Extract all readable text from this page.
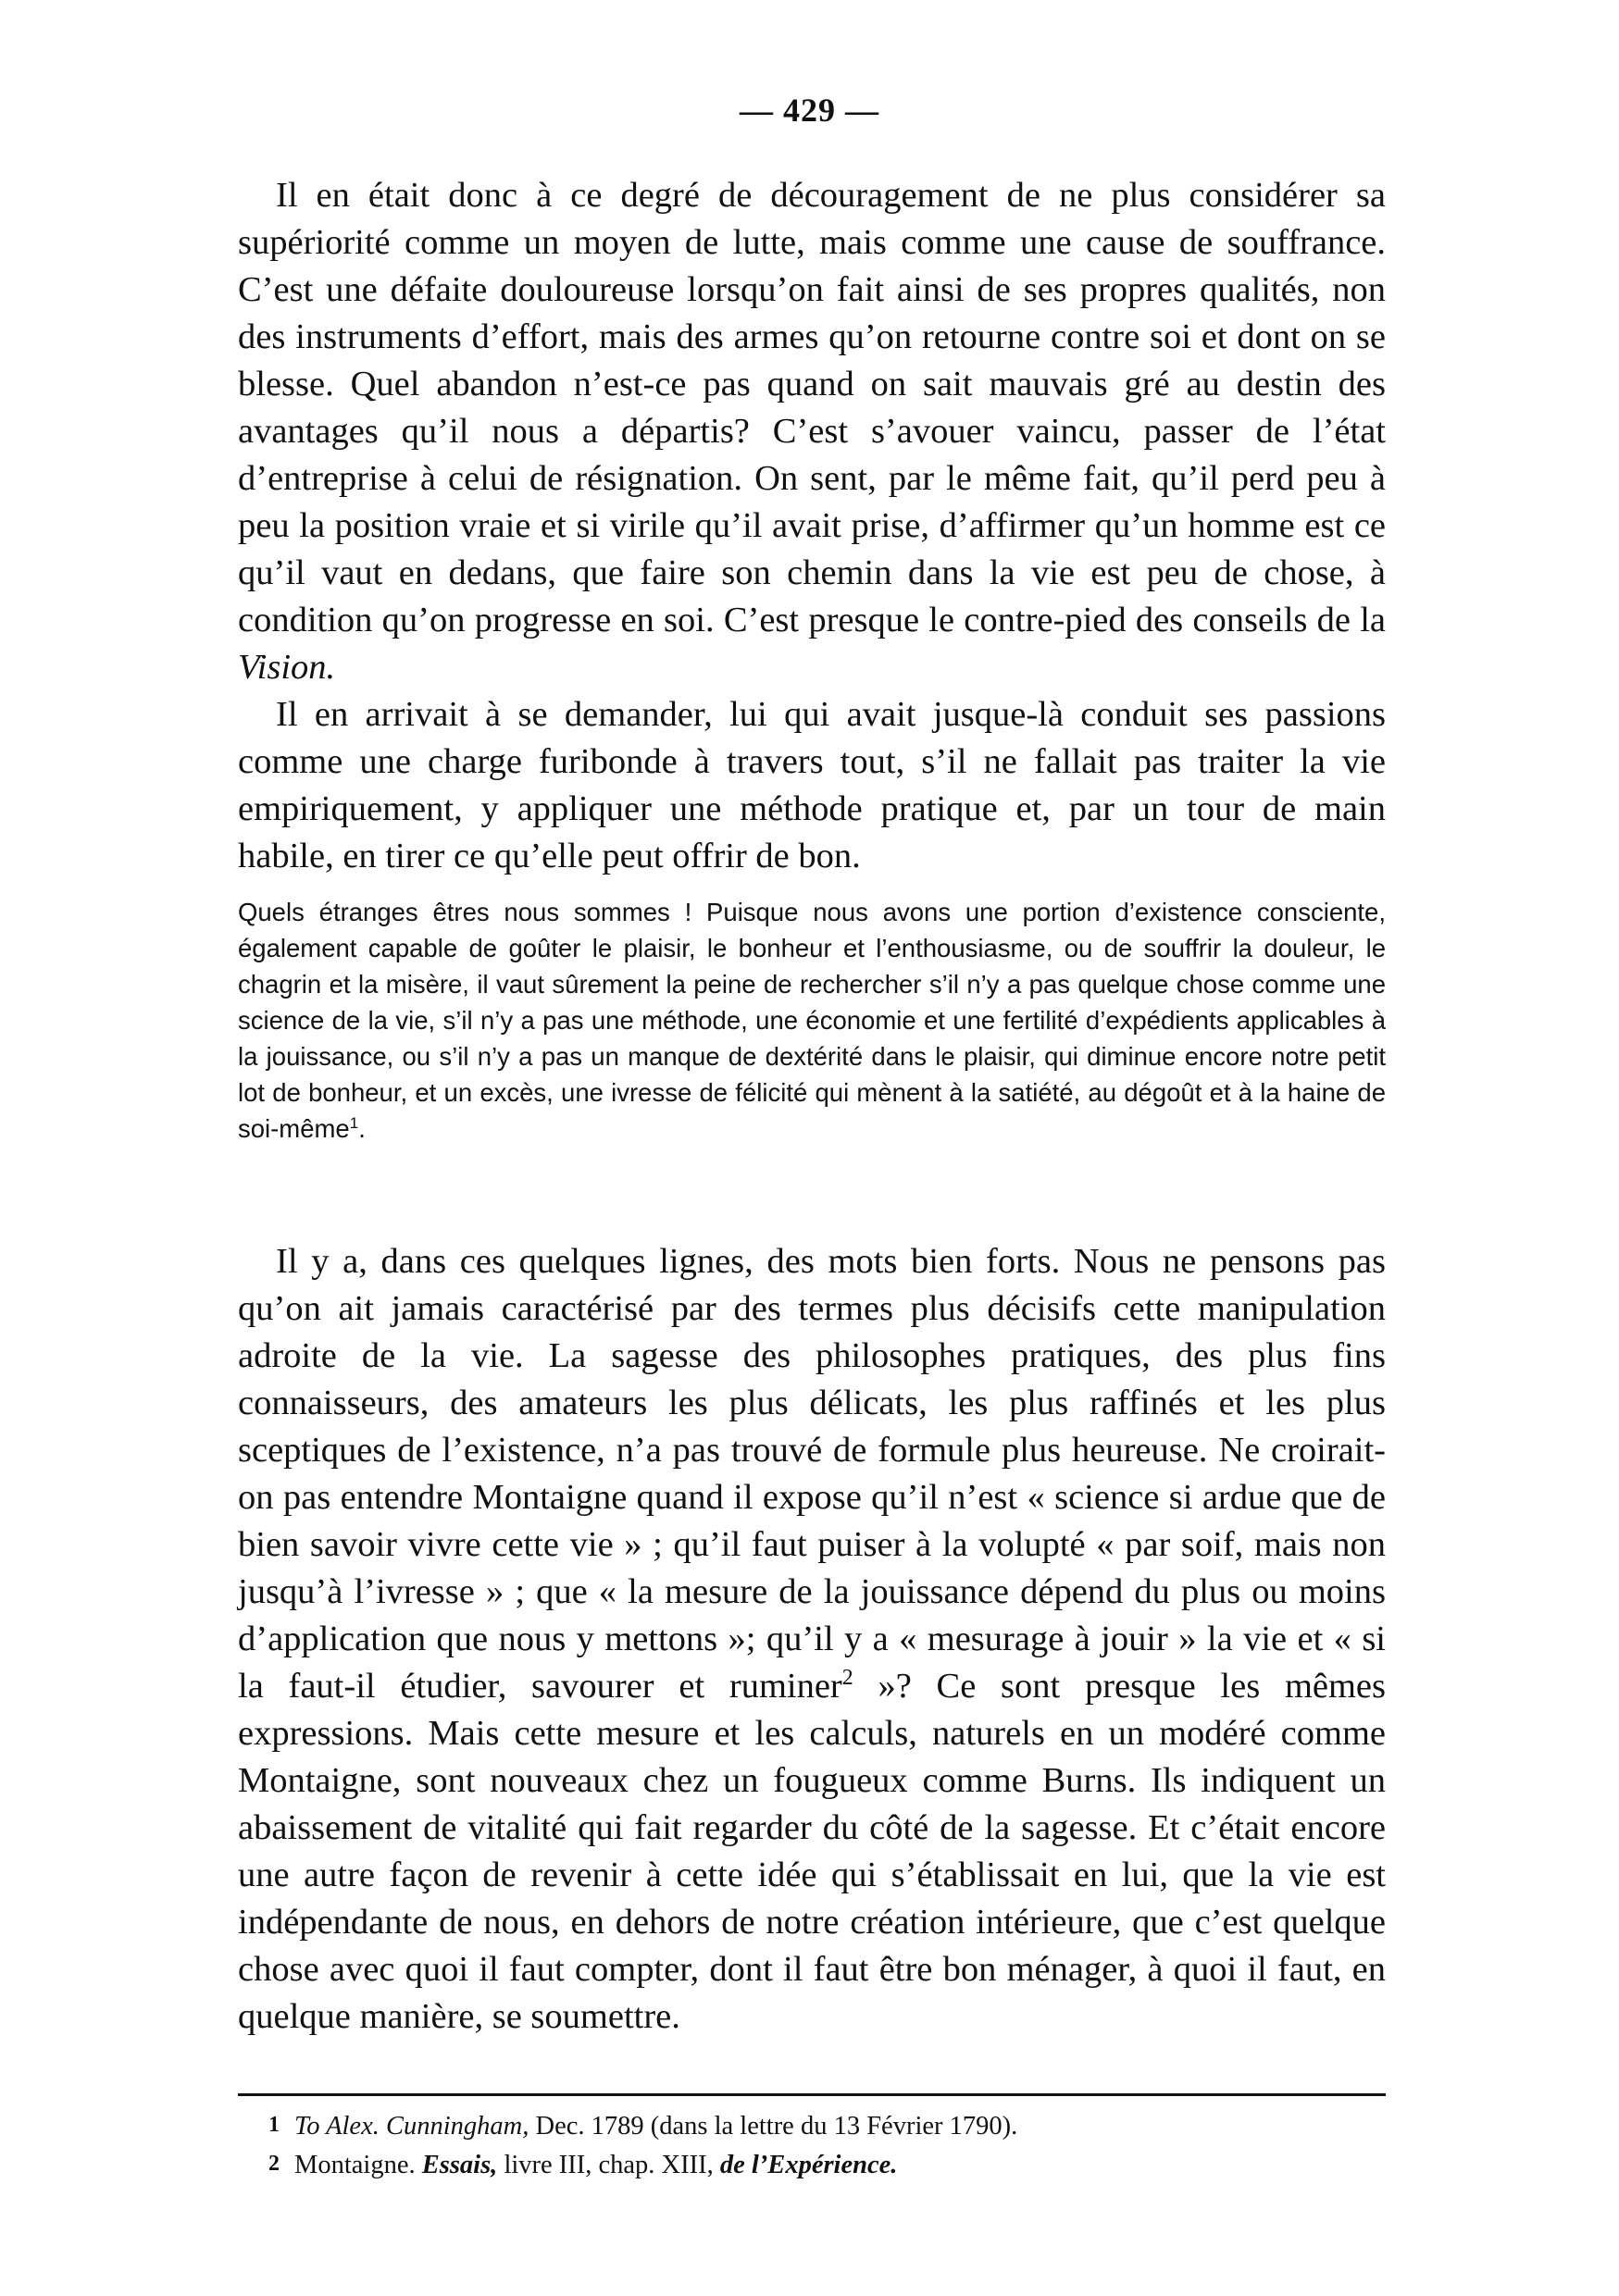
— 429 —

Il en était donc à ce degré de découragement de ne plus considérer sa supériorité comme un moyen de lutte, mais comme une cause de souffrance. C’est une défaite douloureuse lorsqu’on fait ainsi de ses propres qualités, non des instruments d’effort, mais des armes qu’on retourne contre soi et dont on se blesse. Quel abandon n’est-ce pas quand on sait mauvais gré au destin des avantages qu’il nous a départis? C’est s’avouer vaincu, passer de l’état d’entreprise à celui de résignation. On sent, par le même fait, qu’il perd peu à peu la position vraie et si virile qu’il avait prise, d’affirmer qu’un homme est ce qu’il vaut en dedans, que faire son chemin dans la vie est peu de chose, à condition qu’on progresse en soi. C’est presque le contre-pied des conseils de la Vision.

Il en arrivait à se demander, lui qui avait jusque-là conduit ses passions comme une charge furibonde à travers tout, s’il ne fallait pas traiter la vie empiriquement, y appliquer une méthode pratique et, par un tour de main habile, en tirer ce qu’elle peut offrir de bon.

Quels étranges êtres nous sommes ! Puisque nous avons une portion d’existence consciente, également capable de goûter le plaisir, le bonheur et l’enthousiasme, ou de souffrir la douleur, le chagrin et la misère, il vaut sûrement la peine de rechercher s’il n’y a pas quelque chose comme une science de la vie, s’il n’y a pas une méthode, une économie et une fertilité d’expédients applicables à la jouissance, ou s’il n’y a pas un manque de dextérité dans le plaisir, qui diminue encore notre petit lot de bonheur, et un excès, une ivresse de félicité qui mènent à la satiété, au dégoût et à la haine de soi-même$^1$.

Il y a, dans ces quelques lignes, des mots bien forts. Nous ne pensons pas qu’on ait jamais caractérisé par des termes plus décisifs cette manipulation adroite de la vie. La sagesse des philosophes pratiques, des plus fins connaisseurs, des amateurs les plus délicats, les plus raffinés et les plus sceptiques de l’existence, n’a pas trouvé de formule plus heureuse. Ne croirait-on pas entendre Montaigne quand il expose qu’il n’est « science si ardue que de bien savoir vivre cette vie » ; qu’il faut puiser à la volupté « par soif, mais non jusqu’à l’ivresse » ; que « la mesure de la jouissance dépend du plus ou moins d’application que nous y mettons »; qu’il y a « mesurage à jouir » la vie et « si la faut-il étudier, savourer et ruminer$^2$ »? Ce sont presque les mêmes expressions. Mais cette mesure et les calculs, naturels en un modéré comme Montaigne, sont nouveaux chez un fougueux comme Burns. Ils indiquent un abaissement de vitalité qui fait regarder du côté de la sagesse. Et c’était encore une autre façon de revenir à cette idée qui s’établissait en lui, que la vie est indépendante de nous, en dehors de notre création intérieure, que c’est quelque chose avec quoi il faut compter, dont il faut être bon ménager, à quoi il faut, en quelque manière, se soumettre.

1 To Alex. Cunningham, Dec. 1789 (dans la lettre du 13 Février 1790).

2 Montaigne. Essais, livre III, chap. XIII, de l’Expérience.
